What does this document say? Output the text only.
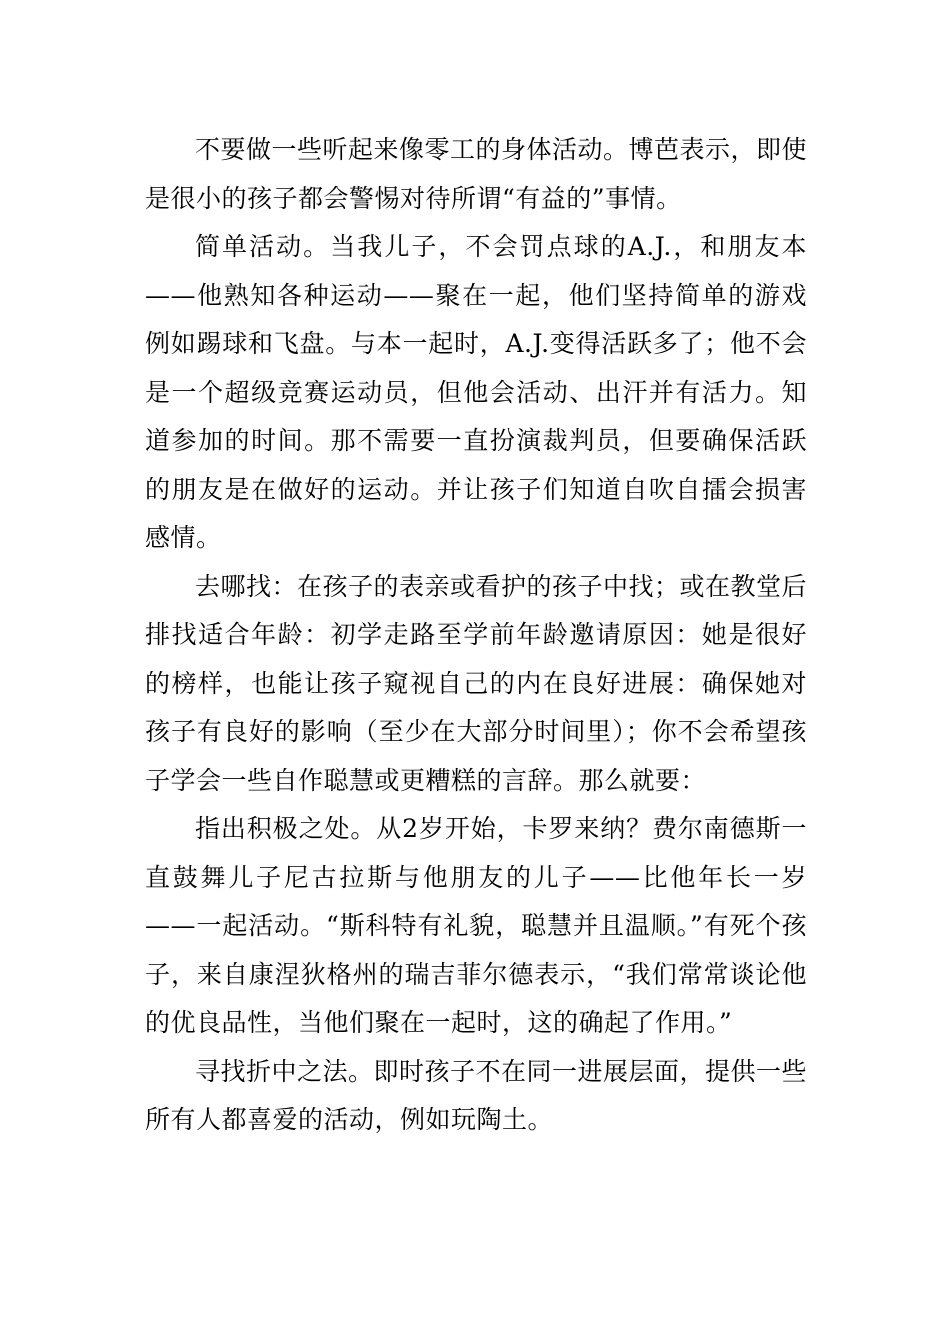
不要做一些听起来像零工的身体活动。博芭表示，即使是很小的孩子都会警惕对待所谓“有益的”事情。

简单活动。当我儿子，不会罚点球的A.J.，和朋友本——他熟知各种运动——聚在一起，他们坚持简单的游戏例如踢球和飞盘。与本一起时，A.J.变得活跃多了；他不会是一个超级竞赛运动员，但他会活动、出汗并有活力。知道参加的时间。那不需要一直扮演裁判员，但要确保活跃的朋友是在做好的运动。并让孩子们知道自吹自擂会损害感情。

去哪找：在孩子的表亲或看护的孩子中找；或在教堂后排找适合年龄：初学走路至学前年龄邀请原因：她是很好的榜样，也能让孩子窥视自己的内在良好进展：确保她对孩子有良好的影响（至少在大部分时间里）；你不会希望孩子学会一些自作聪慧或更糟糕的言辞。那么就要：

指出积极之处。从2岁开始，卡罗来纳？费尔南德斯一直鼓舞儿子尼古拉斯与他朋友的儿子——比他年长一岁——一起活动。“斯科特有礼貌，聪慧并且温顺。”有死个孩子，来自康涅狄格州的瑞吉菲尔德表示，“我们常常谈论他的优良品性，当他们聚在一起时，这的确起了作用。”

寻找折中之法。即时孩子不在同一进展层面，提供一些所有人都喜爱的活动，例如玩陶土。
